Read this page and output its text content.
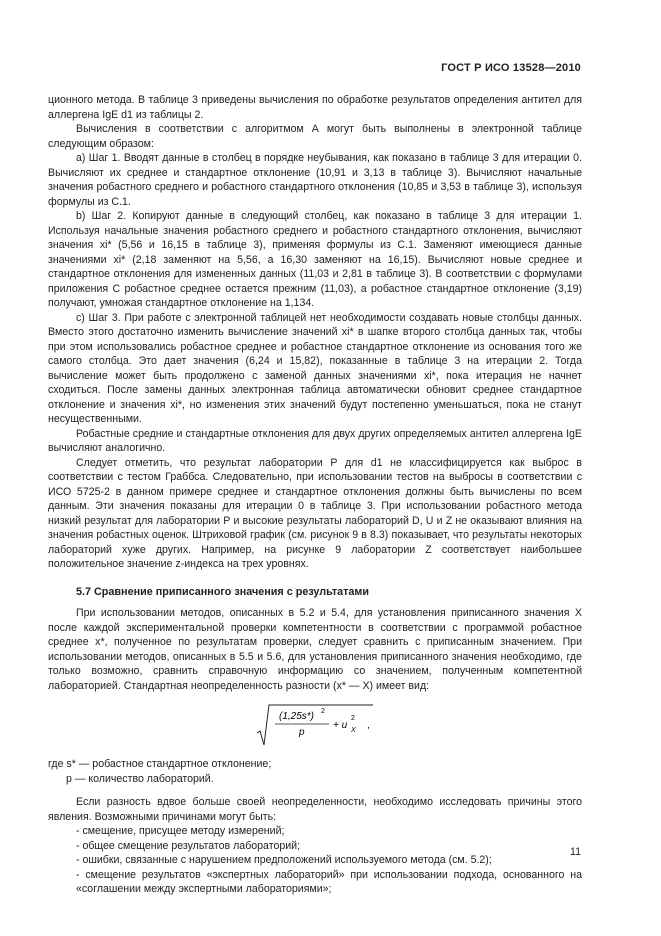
ГОСТ Р ИСО 13528—2010

ционного метода. В таблице 3 приведены вычисления по обработке результатов определения антител для аллергена IgE d1 из таблицы 2.

Вычисления в соответствии с алгоритмом А могут быть выполнены в электронной таблице следующим образом:

a) Шаг 1. Вводят данные в столбец в порядке неубывания, как показано в таблице 3 для итерации 0. Вычисляют их среднее и стандартное отклонение (10,91 и 3,13 в таблице 3). Вычисляют начальные значения робастного среднего и робастного стандартного отклонения (10,85 и 3,53 в таблице 3), используя формулы из С.1.

b) Шаг 2. Копируют данные в следующий столбец, как показано в таблице 3 для итерации 1. Используя начальные значения робастного среднего и робастного стандартного отклонения, вычисляют значения xi* (5,56 и 16,15 в таблице 3), применяя формулы из С.1. Заменяют имеющиеся данные значениями xi* (2,18 заменяют на 5,56, а 16,30 заменяют на 16,15). Вычисляют новые среднее и стандартное отклонения для измененных данных (11,03 и 2,81 в таблице 3). В соответствии с формулами приложения С робастное среднее остается прежним (11,03), а робастное стандартное отклонение (3,19) получают, умножая стандартное отклонение на 1,134.

c) Шаг 3. При работе с электронной таблицей нет необходимости создавать новые столбцы данных. Вместо этого достаточно изменить вычисление значений xi* в шапке второго столбца данных так, чтобы при этом использовались робастное среднее и робастное стандартное отклонение из основания того же самого столбца. Это дает значения (6,24 и 15,82), показанные в таблице 3 на итерации 2. Тогда вычисление может быть продолжено с заменой данных значениями xi*, пока итерация не начнет сходиться. После замены данных электронная таблица автоматически обновит среднее стандартное отклонение и значения xi*, но изменения этих значений будут постепенно уменьшаться, пока не станут несущественными.

Робастные средние и стандартные отклонения для двух других определяемых антител аллергена IgE вычисляют аналогично.

Следует отметить, что результат лаборатории Р для d1 не классифицируется как выброс в соответствии с тестом Граббса. Следовательно, при использовании тестов на выбросы в соответствии с ИСО 5725-2 в данном примере среднее и стандартное отклонения должны быть вычислены по всем данным. Эти значения показаны для итерации 0 в таблице 3. При использовании робастного метода низкий результат для лаборатории Р и высокие результаты лабораторий D, U и Z не оказывают влияния на значения робастных оценок. Штриховой график (см. рисунок 9 в 8.3) показывает, что результаты некоторых лабораторий хуже других. Например, на рисунке 9 лаборатории Z соответствует наибольшее положительное значение z-индекса на трех уровнях.

5.7 Сравнение приписанного значения с результатами

При использовании методов, описанных в 5.2 и 5.4, для установления приписанного значения X после каждой экспериментальной проверки компетентности в соответствии с программой робастное среднее x*, полученное по результатам проверки, следует сравнить с приписанным значением. При использовании методов, описанных в 5.5 и 5.6, для установления приписанного значения необходимо, где только возможно, сравнить справочную информацию со значением, полученным компетентной лабораторией. Стандартная неопределенность разности (x* — X) имеет вид:

(1,25s*) 2
p
+ u
2
X ,

где s* — робастное стандартное отклонение;

p — количество лабораторий.

Если разность вдвое больше своей неопределенности, необходимо исследовать причины этого явления. Возможными причинами могут быть:

- смещение, присущее методу измерений;

- общее смещение результатов лабораторий;

- ошибки, связанные с нарушением предположений используемого метода (см. 5.2);

- смещение результатов «экспертных лабораторий» при использовании подхода, основанного на «соглашении между экспертными лабораториями»;

11
